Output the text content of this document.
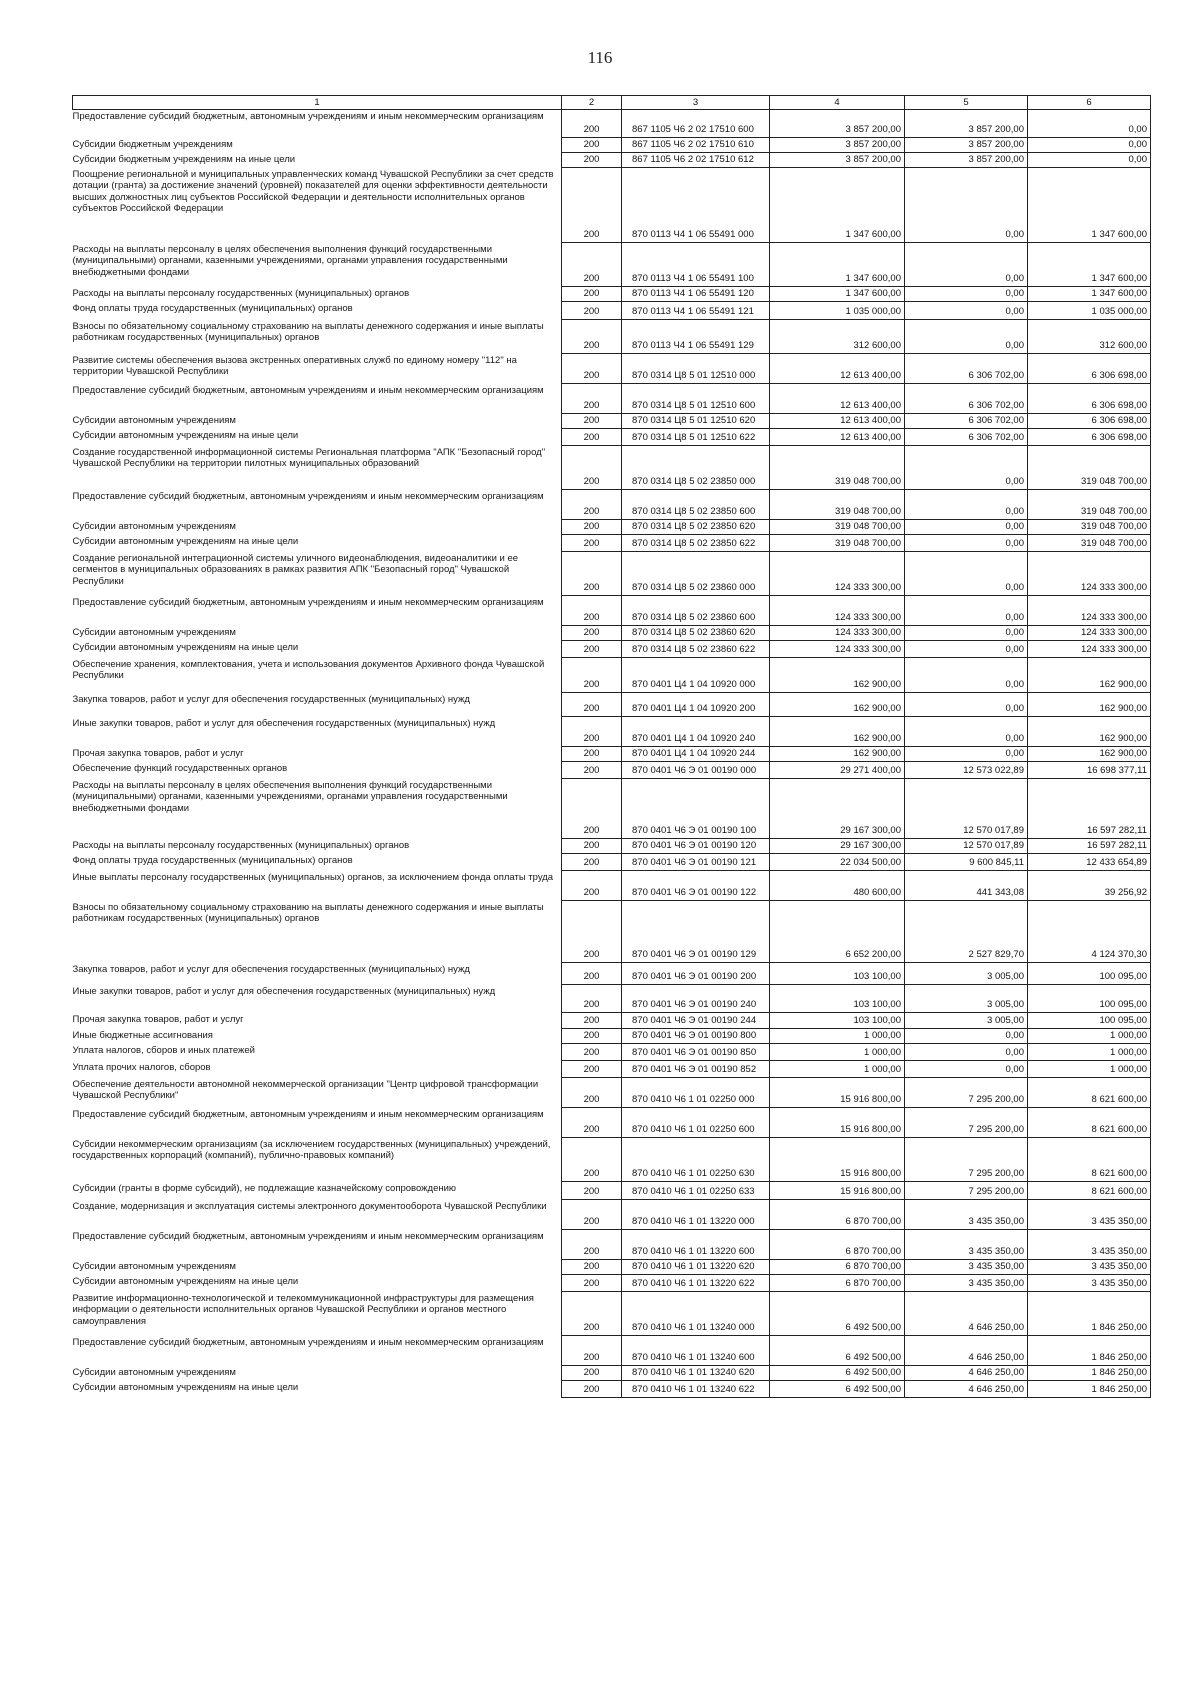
116
1	2	3	4	5	6
Предоставление субсидий бюджетным, автономным учреждениям и иным некоммерческим организациям	200	867 1105 Ч6 2 02 17510 600	3 857 200,00	3 857 200,00	0,00
Субсидии бюджетным учреждениям	200	867 1105 Ч6 2 02 17510 610	3 857 200,00	3 857 200,00	0,00
Субсидии бюджетным учреждениям на иные цели	200	867 1105 Ч6 2 02 17510 612	3 857 200,00	3 857 200,00	0,00
Поощрение региональной и муниципальных управленческих команд Чувашской Республики за счет средств дотации (гранта) за достижение значений (уровней) показателей для оценки эффективности деятельности высших должностных лиц субъектов Российской Федерации и деятельности исполнительных органов субъектов Российской Федерации	200	870 0113 Ч4 1 06 55491 000	1 347 600,00	0,00	1 347 600,00
Расходы на выплаты персоналу в целях обеспечения выполнения функций государственными (муниципальными) органами, казенными учреждениями, органами управления государственными внебюджетными фондами	200	870 0113 Ч4 1 06 55491 100	1 347 600,00	0,00	1 347 600,00
Расходы на выплаты персоналу государственных (муниципальных) органов	200	870 0113 Ч4 1 06 55491 120	1 347 600,00	0,00	1 347 600,00
Фонд оплаты труда государственных (муниципальных) органов	200	870 0113 Ч4 1 06 55491 121	1 035 000,00	0,00	1 035 000,00
Взносы по обязательному социальному страхованию на выплаты денежного содержания и иные выплаты работникам государственных (муниципальных) органов	200	870 0113 Ч4 1 06 55491 129	312 600,00	0,00	312 600,00
Развитие системы обеспечения вызова экстренных оперативных служб по единому номеру "112" на территории Чувашской Республики	200	870 0314 Ц8 5 01 12510 000	12 613 400,00	6 306 702,00	6 306 698,00
Предоставление субсидий бюджетным, автономным учреждениям и иным некоммерческим организациям	200	870 0314 Ц8 5 01 12510 600	12 613 400,00	6 306 702,00	6 306 698,00
Субсидии автономным учреждениям	200	870 0314 Ц8 5 01 12510 620	12 613 400,00	6 306 702,00	6 306 698,00
Субсидии автономным учреждениям на иные цели	200	870 0314 Ц8 5 01 12510 622	12 613 400,00	6 306 702,00	6 306 698,00
Создание государственной информационной системы Региональная платформа "АПК "Безопасный город" Чувашской Республики на территории пилотных муниципальных образований	200	870 0314 Ц8 5 02 23850 000	319 048 700,00	0,00	319 048 700,00
Предоставление субсидий бюджетным, автономным учреждениям и иным некоммерческим организациям	200	870 0314 Ц8 5 02 23850 600	319 048 700,00	0,00	319 048 700,00
Субсидии автономным учреждениям	200	870 0314 Ц8 5 02 23850 620	319 048 700,00	0,00	319 048 700,00
Субсидии автономным учреждениям на иные цели	200	870 0314 Ц8 5 02 23850 622	319 048 700,00	0,00	319 048 700,00
Создание региональной интеграционной системы уличного видеонаблюдения, видеоаналитики и ее сегментов в муниципальных образованиях в рамках развития АПК "Безопасный город" Чувашской Республики	200	870 0314 Ц8 5 02 23860 000	124 333 300,00	0,00	124 333 300,00
Предоставление субсидий бюджетным, автономным учреждениям и иным некоммерческим организациям	200	870 0314 Ц8 5 02 23860 600	124 333 300,00	0,00	124 333 300,00
Субсидии автономным учреждениям	200	870 0314 Ц8 5 02 23860 620	124 333 300,00	0,00	124 333 300,00
Субсидии автономным учреждениям на иные цели	200	870 0314 Ц8 5 02 23860 622	124 333 300,00	0,00	124 333 300,00
Обеспечение хранения, комплектования, учета и использования документов Архивного фонда Чувашской Республики	200	870 0401 Ц4 1 04 10920 000	162 900,00	0,00	162 900,00
Закупка товаров, работ и услуг для обеспечения государственных (муниципальных) нужд	200	870 0401 Ц4 1 04 10920 200	162 900,00	0,00	162 900,00
Иные закупки товаров, работ и услуг для обеспечения государственных (муниципальных) нужд	200	870 0401 Ц4 1 04 10920 240	162 900,00	0,00	162 900,00
Прочая закупка товаров, работ и услуг	200	870 0401 Ц4 1 04 10920 244	162 900,00	0,00	162 900,00
Обеспечение функций государственных органов	200	870 0401 Ч6 Э 01 00190 000	29 271 400,00	12 573 022,89	16 698 377,11
Расходы на выплаты персоналу в целях обеспечения выполнения функций государственными (муниципальными) органами, казенными учреждениями, органами управления государственными внебюджетными фондами	200	870 0401 Ч6 Э 01 00190 100	29 167 300,00	12 570 017,89	16 597 282,11
Расходы на выплаты персоналу государственных (муниципальных) органов	200	870 0401 Ч6 Э 01 00190 120	29 167 300,00	12 570 017,89	16 597 282,11
Фонд оплаты труда государственных (муниципальных) органов	200	870 0401 Ч6 Э 01 00190 121	22 034 500,00	9 600 845,11	12 433 654,89
Иные выплаты персоналу государственных (муниципальных) органов, за исключением фонда оплаты труда	200	870 0401 Ч6 Э 01 00190 122	480 600,00	441 343,08	39 256,92
Взносы по обязательному социальному страхованию на выплаты денежного содержания и иные выплаты работникам государственных (муниципальных) органов	200	870 0401 Ч6 Э 01 00190 129	6 652 200,00	2 527 829,70	4 124 370,30
Закупка товаров, работ и услуг для обеспечения государственных (муниципальных) нужд	200	870 0401 Ч6 Э 01 00190 200	103 100,00	3 005,00	100 095,00
Иные закупки товаров, работ и услуг для обеспечения государственных (муниципальных) нужд	200	870 0401 Ч6 Э 01 00190 240	103 100,00	3 005,00	100 095,00
Прочая закупка товаров, работ и услуг	200	870 0401 Ч6 Э 01 00190 244	103 100,00	3 005,00	100 095,00
Иные бюджетные ассигнования	200	870 0401 Ч6 Э 01 00190 800	1 000,00	0,00	1 000,00
Уплата налогов, сборов и иных платежей	200	870 0401 Ч6 Э 01 00190 850	1 000,00	0,00	1 000,00
Уплата прочих налогов, сборов	200	870 0401 Ч6 Э 01 00190 852	1 000,00	0,00	1 000,00
Обеспечение деятельности автономной некоммерческой организации "Центр цифровой трансформации Чувашской Республики"	200	870 0410 Ч6 1 01 02250 000	15 916 800,00	7 295 200,00	8 621 600,00
Предоставление субсидий бюджетным, автономным учреждениям и иным некоммерческим организациям	200	870 0410 Ч6 1 01 02250 600	15 916 800,00	7 295 200,00	8 621 600,00
Субсидии некоммерческим организациям (за исключением государственных (муниципальных) учреждений, государственных корпораций (компаний), публично-правовых компаний)	200	870 0410 Ч6 1 01 02250 630	15 916 800,00	7 295 200,00	8 621 600,00
Субсидии (гранты в форме субсидий), не подлежащие казначейскому сопровождению	200	870 0410 Ч6 1 01 02250 633	15 916 800,00	7 295 200,00	8 621 600,00
Создание, модернизация и эксплуатация системы электронного документооборота Чувашской Республики	200	870 0410 Ч6 1 01 13220 000	6 870 700,00	3 435 350,00	3 435 350,00
Предоставление субсидий бюджетным, автономным учреждениям и иным некоммерческим организациям	200	870 0410 Ч6 1 01 13220 600	6 870 700,00	3 435 350,00	3 435 350,00
Субсидии автономным учреждениям	200	870 0410 Ч6 1 01 13220 620	6 870 700,00	3 435 350,00	3 435 350,00
Субсидии автономным учреждениям на иные цели	200	870 0410 Ч6 1 01 13220 622	6 870 700,00	3 435 350,00	3 435 350,00
Развитие информационно-технологической и телекоммуникационной инфраструктуры для размещения информации о деятельности исполнительных органов Чувашской Республики и органов местного самоуправления	200	870 0410 Ч6 1 01 13240 000	6 492 500,00	4 646 250,00	1 846 250,00
Предоставление субсидий бюджетным, автономным учреждениям и иным некоммерческим организациям	200	870 0410 Ч6 1 01 13240 600	6 492 500,00	4 646 250,00	1 846 250,00
Субсидии автономным учреждениям	200	870 0410 Ч6 1 01 13240 620	6 492 500,00	4 646 250,00	1 846 250,00
Субсидии автономным учреждениям на иные цели	200	870 0410 Ч6 1 01 13240 622	6 492 500,00	4 646 250,00	1 846 250,00
